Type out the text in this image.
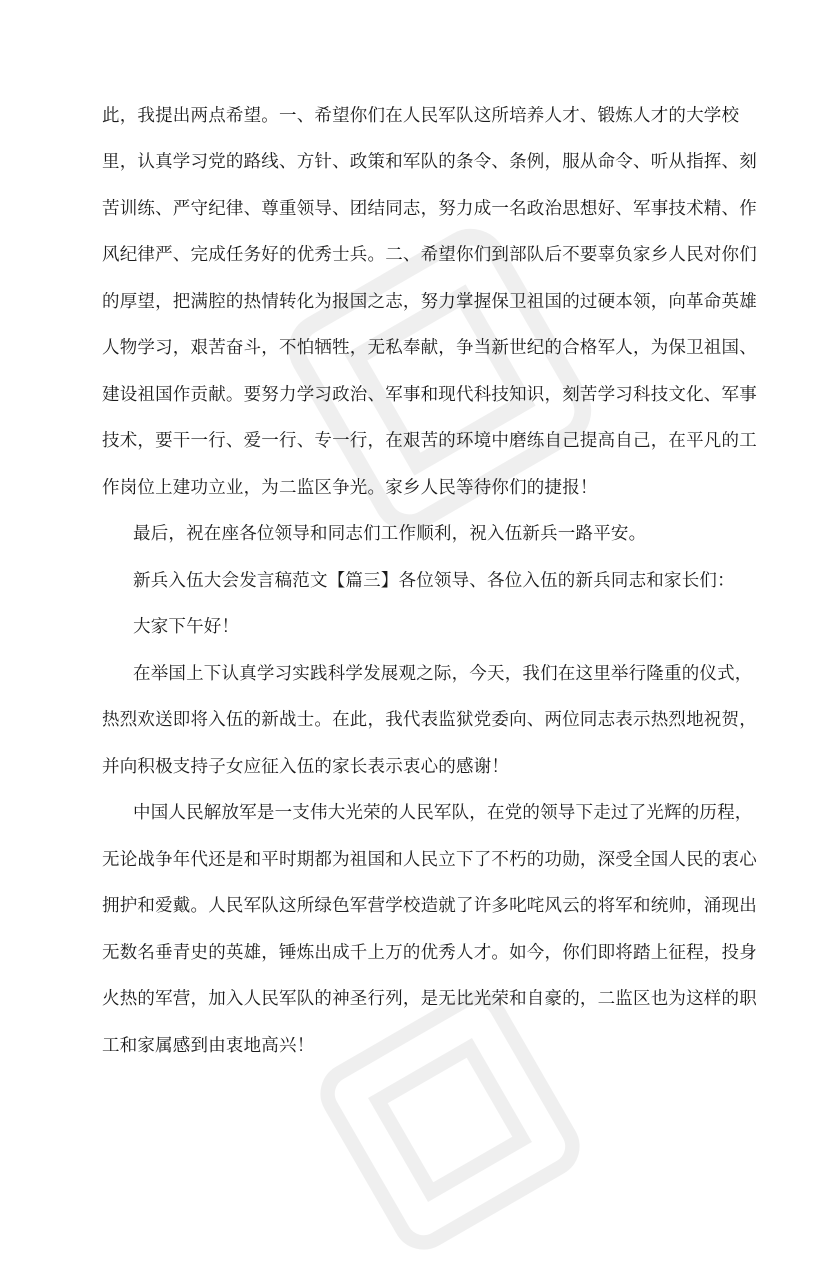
此，我提出两点希望。一、希望你们在人民军队这所培养人才、锻炼人才的大学校
里，认真学习党的路线、方针、政策和军队的条令、条例，服从命令、听从指挥、刻
苦训练、严守纪律、尊重领导、团结同志，努力成一名政治思想好、军事技术精、作
风纪律严、完成任务好的优秀士兵。二、希望你们到部队后不要辜负家乡人民对你们
的厚望，把满腔的热情转化为报国之志，努力掌握保卫祖国的过硬本领，向革命英雄
人物学习，艰苦奋斗，不怕牺牲，无私奉献，争当新世纪的合格军人，为保卫祖国、
建设祖国作贡献。要努力学习政治、军事和现代科技知识，刻苦学习科技文化、军事
技术，要干一行、爱一行、专一行，在艰苦的环境中磨练自己提高自己，在平凡的工
作岗位上建功立业，为二监区争光。家乡人民等待你们的捷报！
最后，祝在座各位领导和同志们工作顺利，祝入伍新兵一路平安。
新兵入伍大会发言稿范文【篇三】各位领导、各位入伍的新兵同志和家长们：
大家下午好！
在举国上下认真学习实践科学发展观之际，今天，我们在这里举行隆重的仪式，
热烈欢送即将入伍的新战士。在此，我代表监狱党委向、两位同志表示热烈地祝贺，
并向积极支持子女应征入伍的家长表示衷心的感谢！
中国人民解放军是一支伟大光荣的人民军队，在党的领导下走过了光辉的历程，
无论战争年代还是和平时期都为祖国和人民立下了不朽的功勋，深受全国人民的衷心
拥护和爱戴。人民军队这所绿色军营学校造就了许多叱咤风云的将军和统帅，涌现出
无数名垂青史的英雄，锤炼出成千上万的优秀人才。如今，你们即将踏上征程，投身
火热的军营，加入人民军队的神圣行列，是无比光荣和自豪的，二监区也为这样的职
工和家属感到由衷地高兴！
